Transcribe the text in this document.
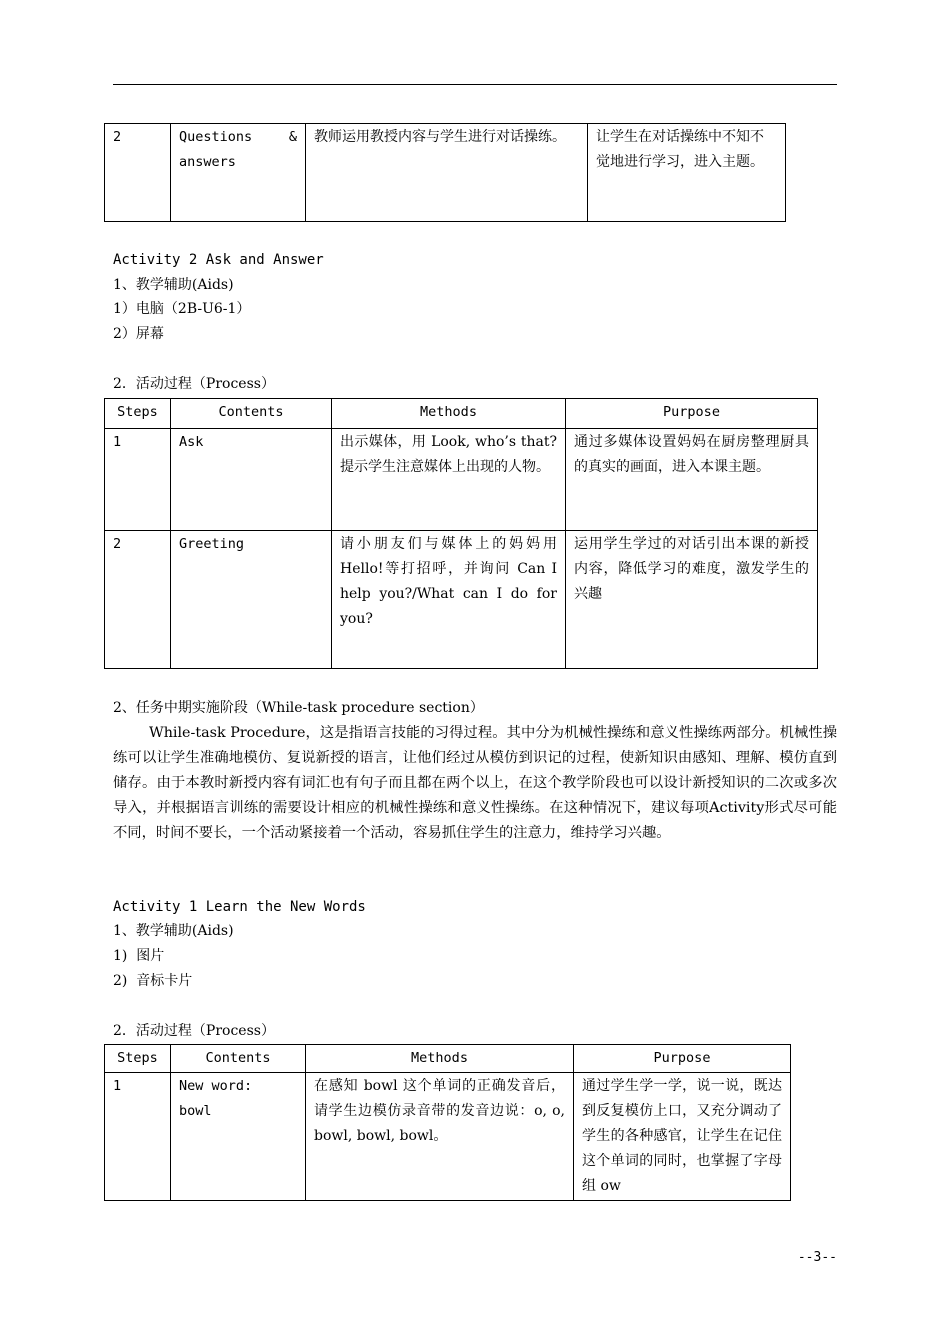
2	Questions    & answers	教师运用教授内容与学生进行对话操练。	让学生在对话操练中不知不觉地进行学习，进入主题。
Activity 2 Ask and Answer
1、教学辅助(Aids)
1）电脑（2B-U6-1）
2）屏幕
2．活动过程（Process）
Steps	Contents	Methods	Purpose
1	Ask	出示媒体，用 Look, who’s that?提示学生注意媒体上出现的人物。	通过多媒体设置妈妈在厨房整理厨具的真实的画面，进入本课主题。
2	Greeting	请小朋友们与媒体上的妈妈用 Hello!等打招呼，并询问 Can I help you?/What can I do for you?	运用学生学过的对话引出本课的新授内容，降低学习的难度，激发学生的兴趣
2、任务中期实施阶段（While-task procedure section）
While-task Procedure，这是指语言技能的习得过程。其中分为机械性操练和意义性操练两部分。机械性操练可以让学生准确地模仿、复说新授的语言，让他们经过从模仿到识记的过程，使新知识由感知、理解、模仿直到储存。由于本教时新授内容有词汇也有句子而且都在两个以上，在这个教学阶段也可以设计新授知识的二次或多次导入，并根据语言训练的需要设计相应的机械性操练和意义性操练。在这种情况下，建议每项Activity形式尽可能不同，时间不要长，一个活动紧接着一个活动，容易抓住学生的注意力，维持学习兴趣。
Activity 1 Learn the New Words
1、教学辅助(Aids)
1)  图片
2)  音标卡片
2．活动过程（Process）
Steps	Contents	Methods	Purpose
1	New word: bowl	在感知 bowl 这个单词的正确发音后，请学生边模仿录音带的发音边说：o, o, bowl, bowl, bowl。	通过学生学一学，说一说，既达到反复模仿上口，又充分调动了学生的各种感官，让学生在记住这个单词的同时，也掌握了字母组 ow
--3--
